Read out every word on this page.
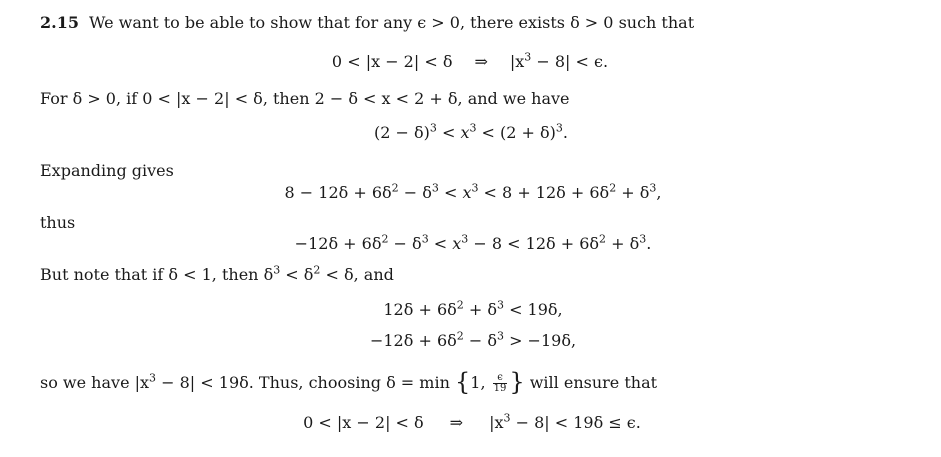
2.15 We want to be able to show that for any ϵ > 0, there exists δ > 0 such that
0 < |x − 2| < δ ⇒ $|x^3 - 8| < \epsilon$.
For δ > 0, if 0 < |x − 2| < δ, then 2 − δ < x < 2 + δ, and we have
$(2 - \delta)^3 < x^3 < (2 + \delta)^3$.
Expanding gives
$8 - 12\delta + 6\delta^2 - \delta^3 < x^3 < 8 + 12\delta + 6\delta^2 + \delta^3$,
thus
$-12\delta + 6\delta^2 - \delta^3 < x^3 - 8 < 12\delta + 6\delta^2 + \delta^3$.
But note that if δ < 1, then $\delta^3 < \delta^2 < \delta$, and
$12\delta + 6\delta^2 + \delta^3 < 19\delta$,
$-12\delta + 6\delta^2 - \delta^3 > -19\delta$,
so we have $|x^3 - 8| < 19\delta$. Thus, choosing δ = min {1, $\frac{\epsilon}{19}$ } will ensure that
0 < |x − 2| < δ ⇒ $|x^3 - 8| < 19\delta \le \epsilon$.
